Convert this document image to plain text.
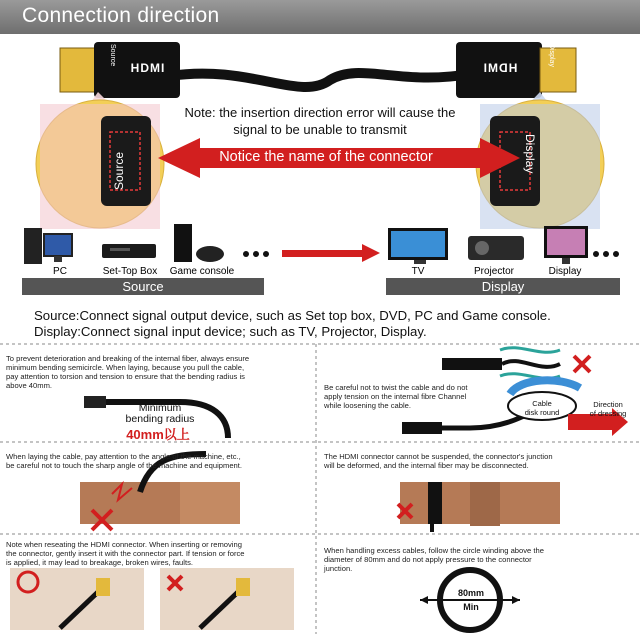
Connection direction
HDMI
Source
HDMI
Display
Note: the insertion direction error will cause the
signal to be unable to transmit
Notice the name of the connector
Source	Display
PC	Set-Top Box	Game console	TV	Projector	Display
Source	Display
Source:Connect signal output device, such as Set top box, DVD, PC and Game console.
Display:Connect signal input device; such as TV, Projector, Display.
To prevent deterioration and breaking of the internal fiber, always ensure
minimum bending semicircle. When laying, because you pull the cable,
pay attention to torsion and tension to ensure that the bending radius is
above 40mm.
Minimum
bending radius
40mm以上
Be careful not to twist the cable and do not
apply tension on the internal fibre Channel
while loosening the cable.	Cable
disk round
Direction
of dressing
When laying the cable, pay attention to the angle of the machine, etc.,
be careful not to touch the sharp angle of the machine and equipment.
The HDMI connector cannot be suspended, the connector's junction
will be deformed, and the internal fiber may be disconnected.
Note when reseating the HDMI connector. When inserting or removing
the connector, gently insert it with the connector part. If tension or force
is applied, it may lead to breakage, broken wires, faults.
When handling excess cables, follow the circle winding above the
diameter of 80mm and do not apply pressure to the connector
junction.
80mm
Min
